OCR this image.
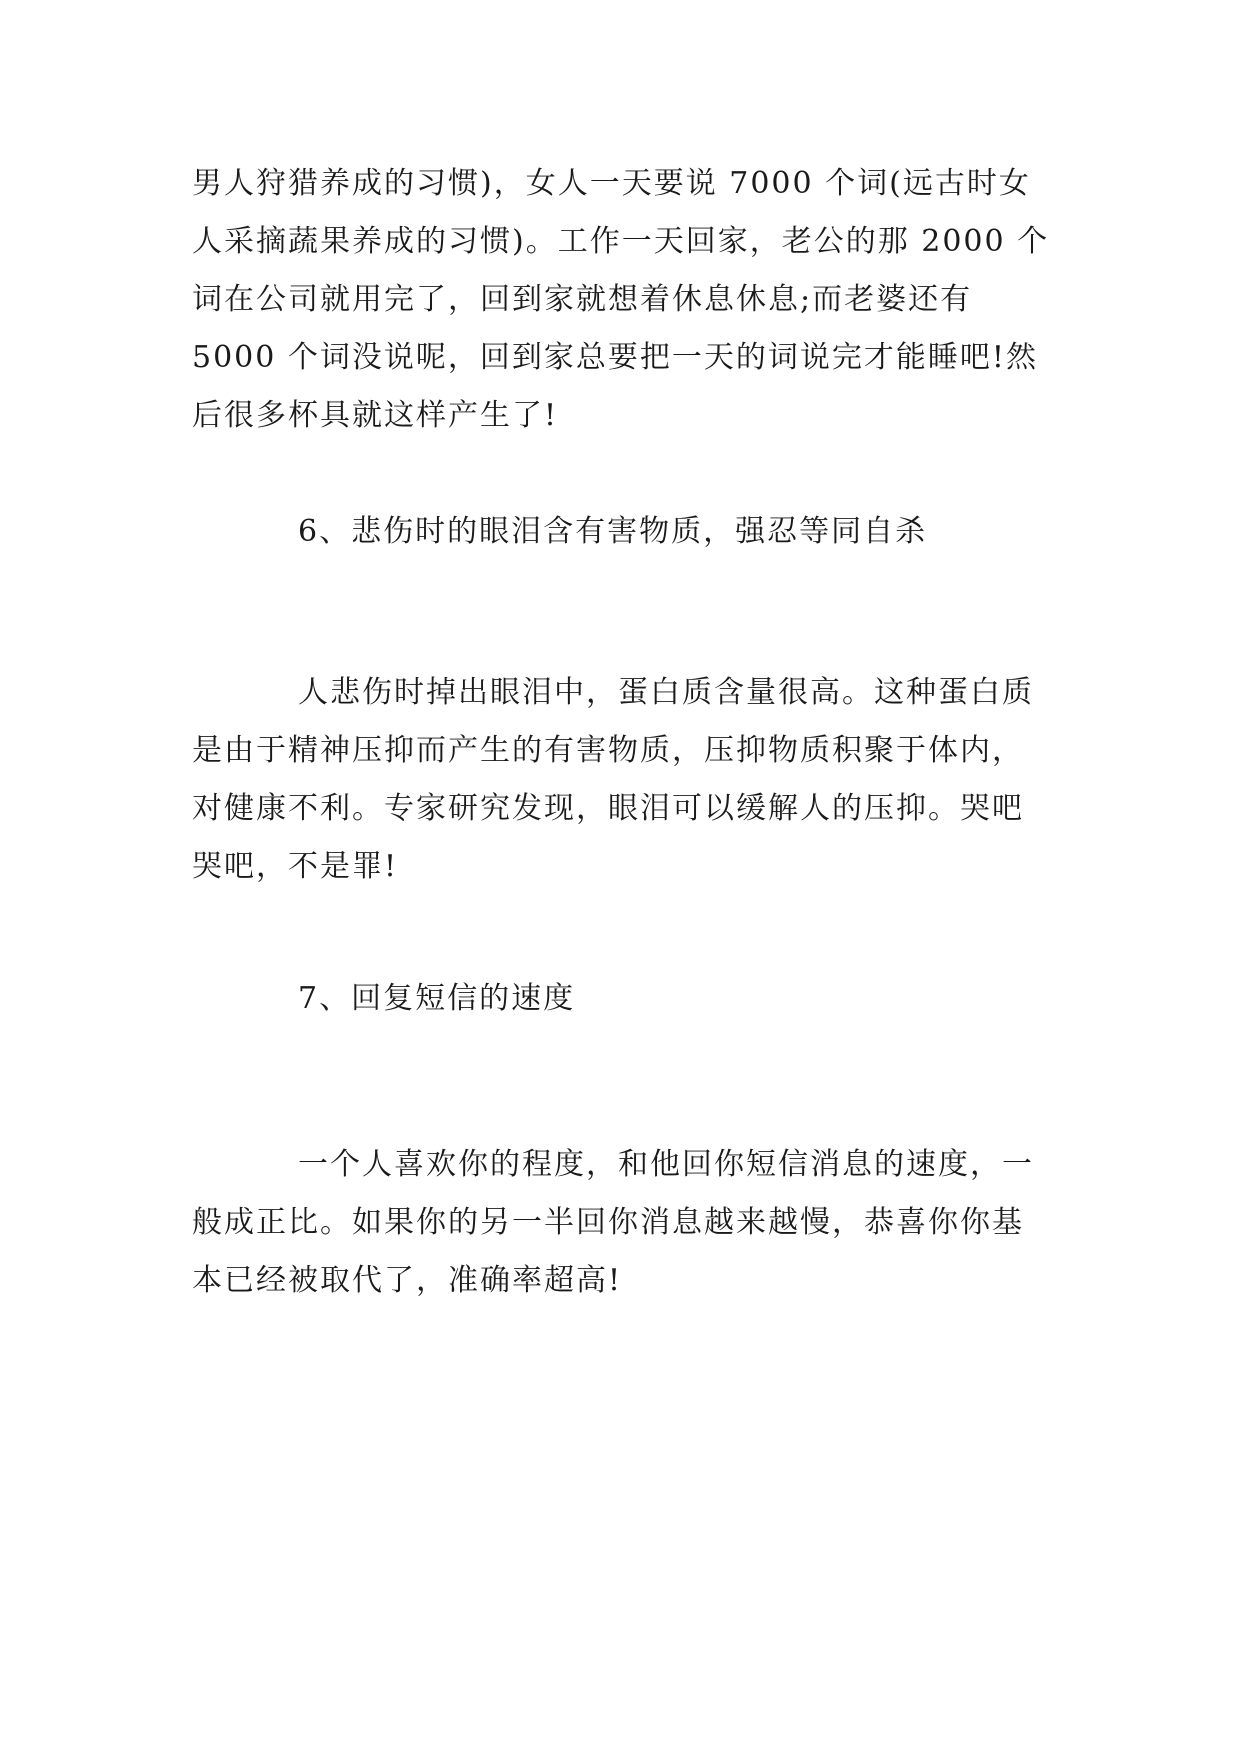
男人狩猎养成的习惯)，女人一天要说 7000 个词(远古时女
人采摘蔬果养成的习惯)。工作一天回家，老公的那 2000 个
词在公司就用完了，回到家就想着休息休息;而老婆还有
5000 个词没说呢，回到家总要把一天的词说完才能睡吧!然
后很多杯具就这样产生了!
6、悲伤时的眼泪含有害物质，强忍等同自杀
人悲伤时掉出眼泪中，蛋白质含量很高。这种蛋白质
是由于精神压抑而产生的有害物质，压抑物质积聚于体内，
对健康不利。专家研究发现，眼泪可以缓解人的压抑。哭吧
哭吧，不是罪!
7、回复短信的速度
一个人喜欢你的程度，和他回你短信消息的速度，一
般成正比。如果你的另一半回你消息越来越慢，恭喜你你基
本已经被取代了，准确率超高!
